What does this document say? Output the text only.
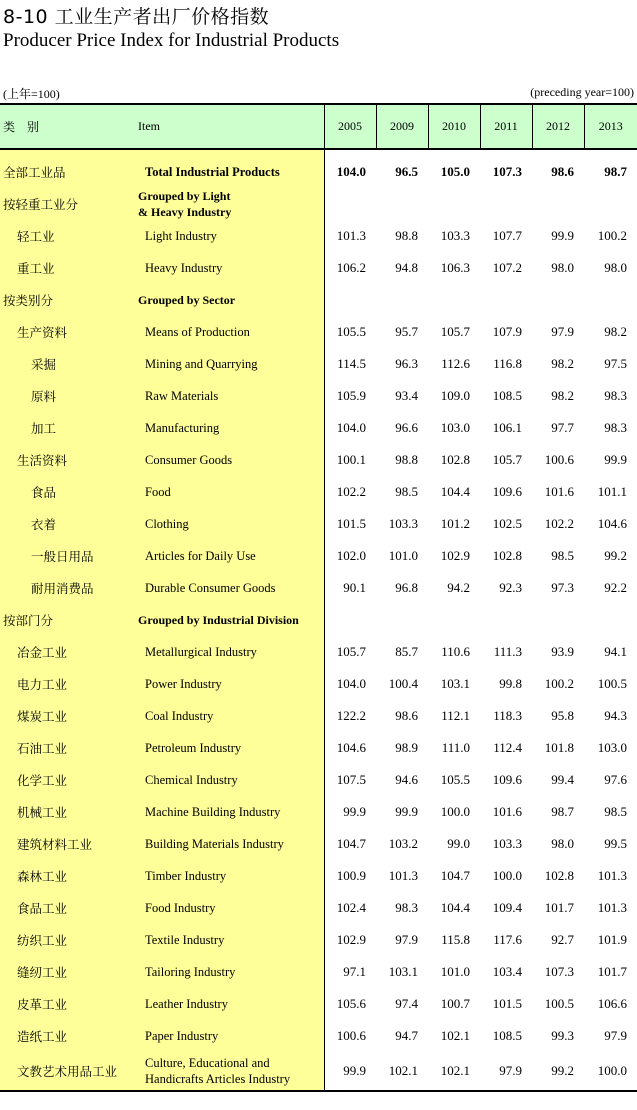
8-10 工业生产者出厂价格指数
Producer Price Index for Industrial Products
(上年=100)	(preceding year=100)
类　别	Item	2005	2009	2010	2011	2012	2013

全部工业品	Total Industrial Products	104.0	96.5	105.0	107.3	98.6	98.7
按轻重工业分	Grouped by Light
& Heavy Industry						
轻工业	Light Industry	101.3	98.8	103.3	107.7	99.9	100.2
重工业	Heavy Industry	106.2	94.8	106.3	107.2	98.0	98.0
按类别分	Grouped by Sector						
生产资料	Means of Production	105.5	95.7	105.7	107.9	97.9	98.2
采掘	Mining and Quarrying	114.5	96.3	112.6	116.8	98.2	97.5
原料	Raw Materials	105.9	93.4	109.0	108.5	98.2	98.3
加工	Manufacturing	104.0	96.6	103.0	106.1	97.7	98.3
生活资料	Consumer Goods	100.1	98.8	102.8	105.7	100.6	99.9
食品	Food	102.2	98.5	104.4	109.6	101.6	101.1
衣着	Clothing	101.5	103.3	101.2	102.5	102.2	104.6
一般日用品	Articles for Daily Use	102.0	101.0	102.9	102.8	98.5	99.2
耐用消费品	Durable Consumer Goods	90.1	96.8	94.2	92.3	97.3	92.2
按部门分	Grouped by Industrial Division						
冶金工业	Metallurgical Industry	105.7	85.7	110.6	111.3	93.9	94.1
电力工业	Power Industry	104.0	100.4	103.1	99.8	100.2	100.5
煤炭工业	Coal Industry	122.2	98.6	112.1	118.3	95.8	94.3
石油工业	Petroleum Industry	104.6	98.9	111.0	112.4	101.8	103.0
化学工业	Chemical Industry	107.5	94.6	105.5	109.6	99.4	97.6
机械工业	Machine Building Industry	99.9	99.9	100.0	101.6	98.7	98.5
建筑材料工业	Building Materials Industry	104.7	103.2	99.0	103.3	98.0	99.5
森林工业	Timber Industry	100.9	101.3	104.7	100.0	102.8	101.3
食品工业	Food Industry	102.4	98.3	104.4	109.4	101.7	101.3
纺织工业	Textile Industry	102.9	97.9	115.8	117.6	92.7	101.9
缝纫工业	Tailoring Industry	97.1	103.1	101.0	103.4	107.3	101.7
皮革工业	Leather Industry	105.6	97.4	100.7	101.5	100.5	106.6
造纸工业	Paper Industry	100.6	94.7	102.1	108.5	99.3	97.9
文教艺术用品工业	Culture, Educational and
Handicrafts Articles Industry	99.9	102.1	102.1	97.9	99.2	100.0
